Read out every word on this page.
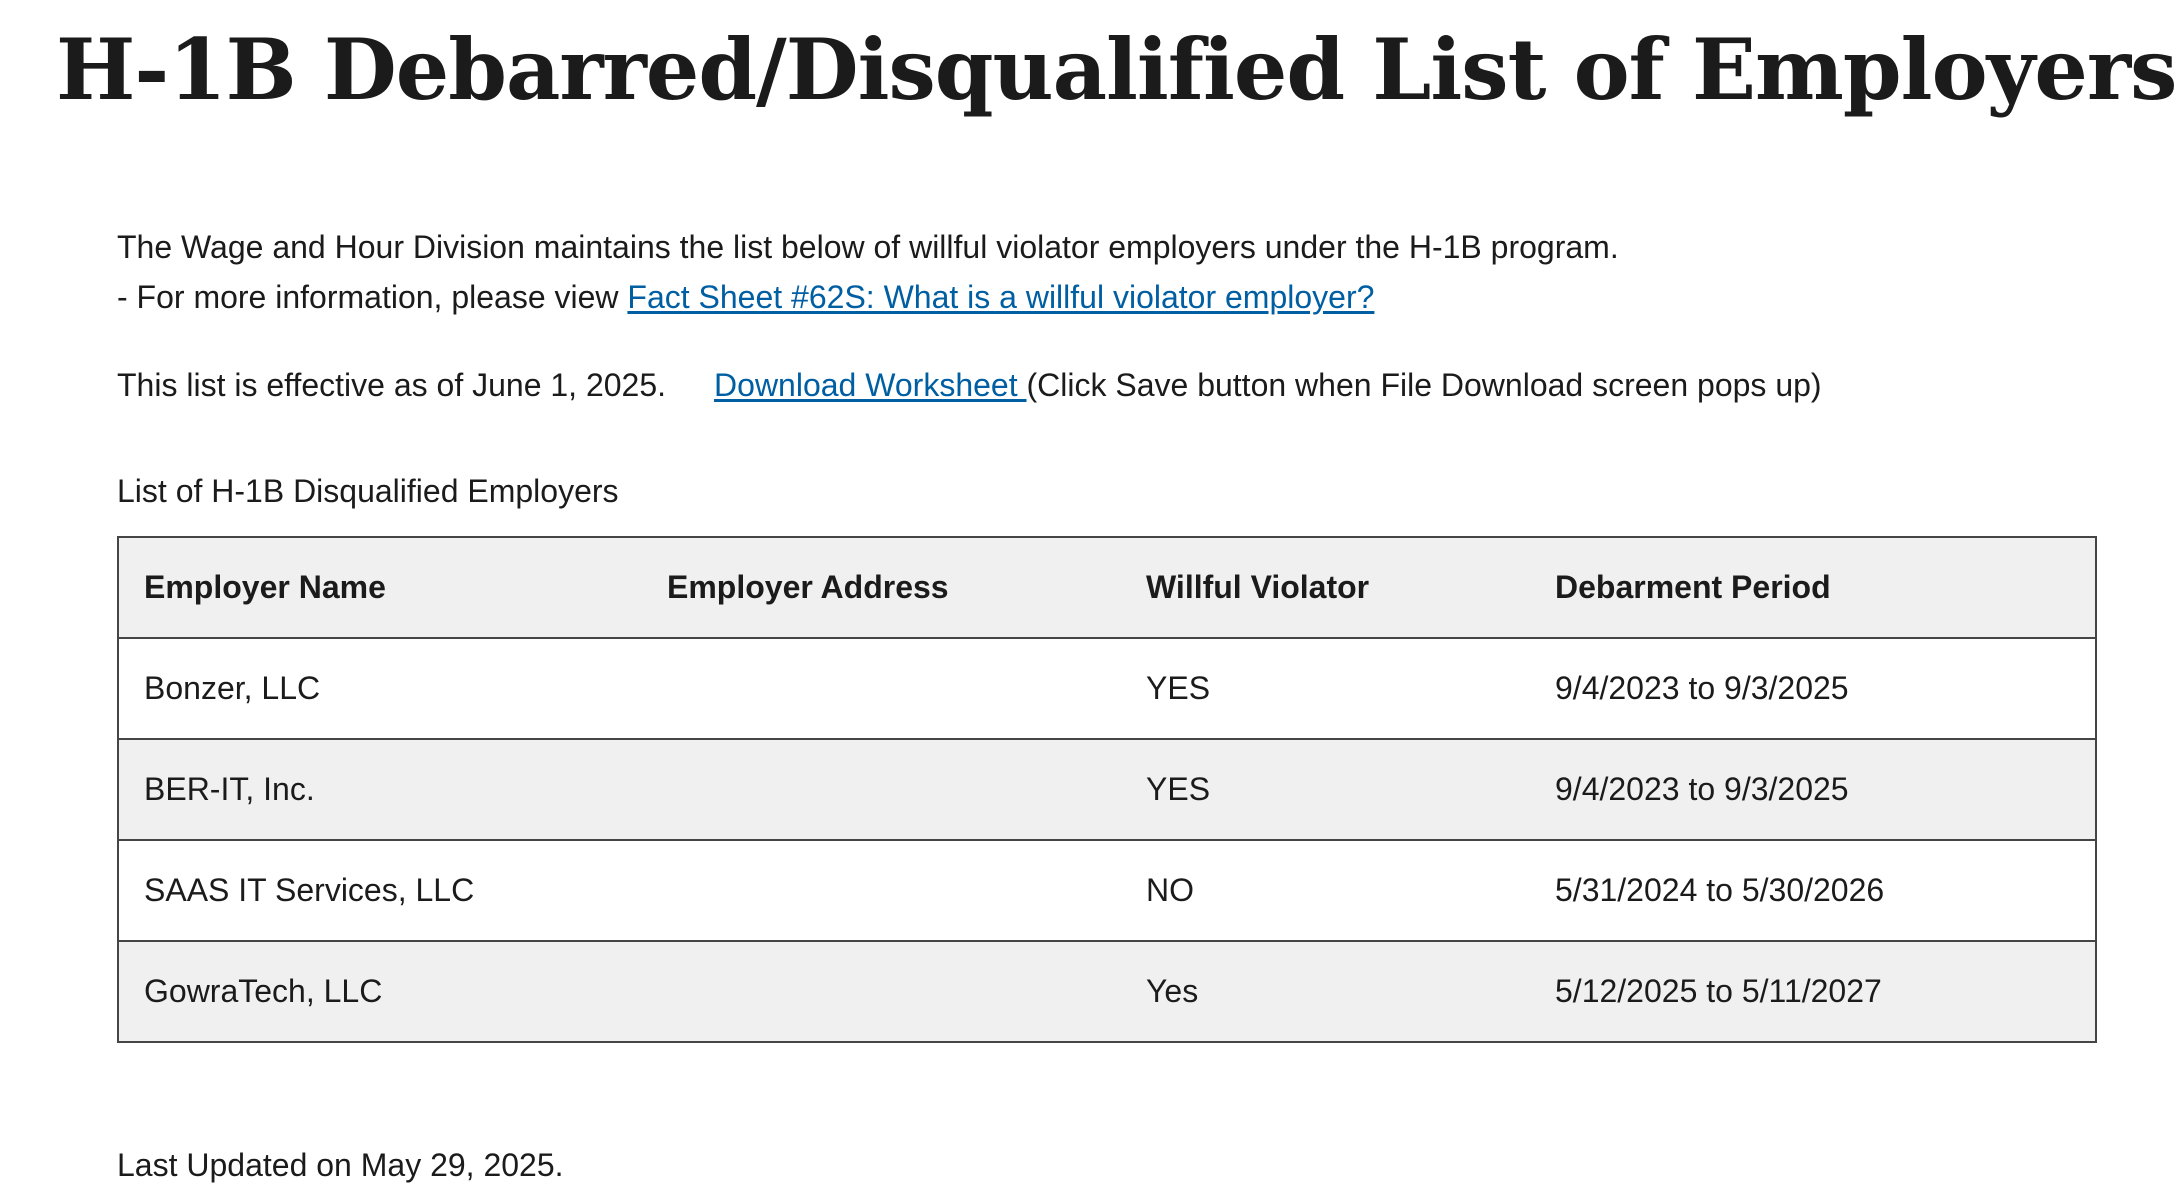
H-1B Debarred/Disqualified List of Employers

The Wage and Hour Division maintains the list below of willful violator employers under the H-1B program.

- For more information, please view Fact Sheet #62S: What is a willful violator employer?

This list is effective as of June 1, 2025. Download Worksheet (Click Save button when File Download screen pops up)
List of H-1B Disqualified Employers
Employer Name	Employer Address	Willful Violator	Debarment Period
Bonzer, LLC		YES	9/4/2023 to 9/3/2025
BER-IT, Inc.		YES	9/4/2023 to 9/3/2025
SAAS IT Services, LLC		NO	5/31/2024 to 5/30/2026
GowraTech, LLC		Yes	5/12/2025 to 5/11/2027
Last Updated on May 29, 2025.
